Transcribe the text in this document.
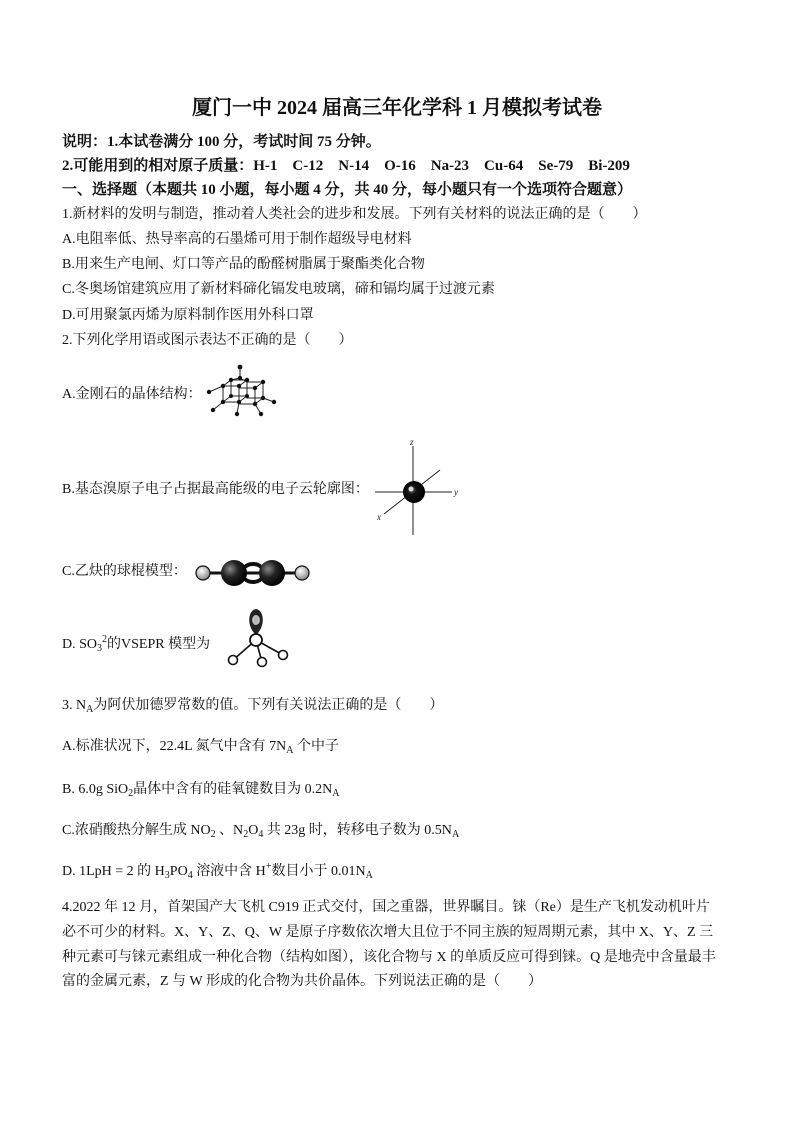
厦门一中 2024 届高三年化学科 1 月模拟考试卷
说明：1.本试卷满分 100 分，考试时间 75 分钟。
2.可能用到的相对原子质量：H-1　C-12　N-14　O-16　Na-23　Cu-64　Se-79　Bi-209
一、选择题（本题共 10 小题，每小题 4 分，共 40 分，每小题只有一个选项符合题意）
1.新材料的发明与制造，推动着人类社会的进步和发展。下列有关材料的说法正确的是（　　）
A.电阻率低、热导率高的石墨烯可用于制作超级导电材料
B.用来生产电闸、灯口等产品的酚醛树脂属于聚酯类化合物
C.冬奥场馆建筑应用了新材料碲化镉发电玻璃，碲和镉均属于过渡元素
D.可用聚氯丙烯为原料制作医用外科口罩
2.下列化学用语或图示表达不正确的是（　　）
A.金刚石的晶体结构：
B.基态溴原子电子占据最高能级的电子云轮廓图：
z
y
x
C.乙炔的球棍模型：
D. $SO_3^2$的VSEPR 模型为
3. $N_A$为阿伏加德罗常数的值。下列有关说法正确的是（　　）
A.标准状况下，22.4L 氮气中含有 $7N_A$ 个中子
B. 6.0g SiO$_2$晶体中含有的硅氧键数目为 $0.2N_A$
C.浓硝酸热分解生成 $NO_2$ 、$N_2O_4$ 共 23g 时，转移电子数为 $0.5N_A$
D. 1LpH = 2 的 $H_3PO_4$ 溶液中含 H+数目小于 $0.01N_A$
4.2022 年 12 月，首架国产大飞机 C919 正式交付，国之重器，世界瞩目。铼（Re）是生产飞机发动机叶片
必不可少的材料。X、Y、Z、Q、W 是原子序数依次增大且位于不同主族的短周期元素，其中 X、Y、Z 三
种元素可与铼元素组成一种化合物（结构如图），该化合物与 X 的单质反应可得到铼。Q 是地壳中含量最丰
富的金属元素，Z 与 W 形成的化合物为共价晶体。下列说法正确的是（　　）
